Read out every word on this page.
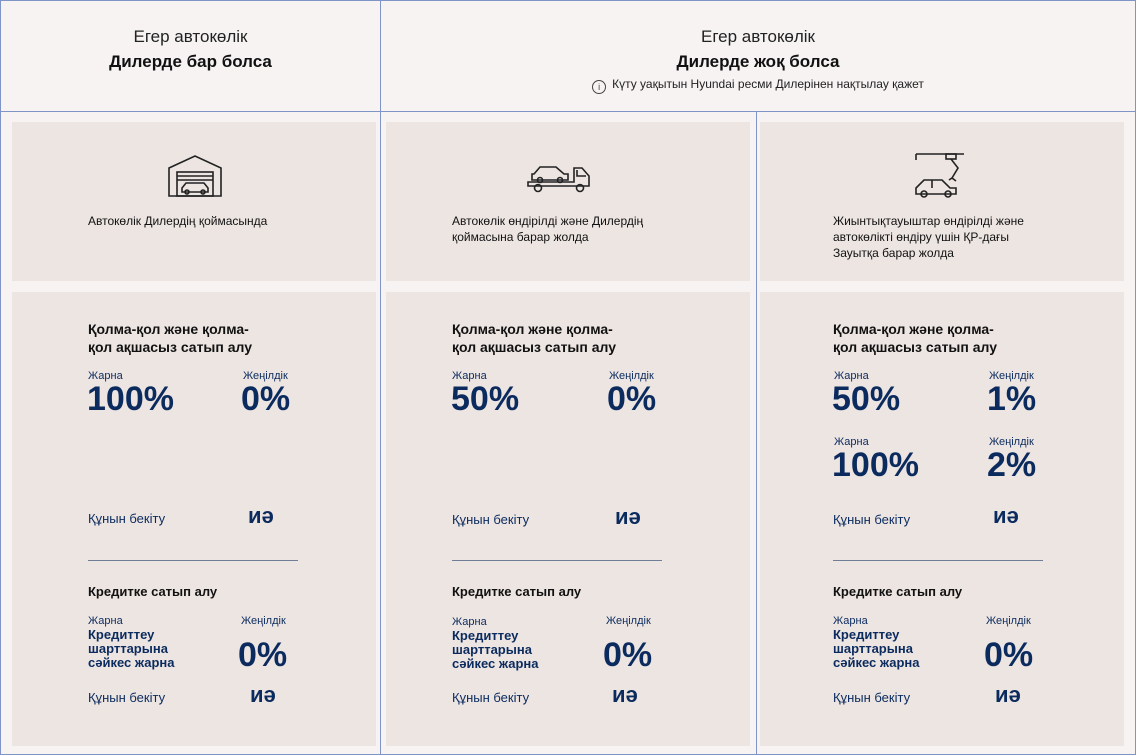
Егер автокөлік
Дилерде бар болса
Егер автокөлік
Дилерде жоқ болса
i Күту уақытын Hyundai ресми Дилерінен нақтылау қажет
Автокөлік Дилердің қоймасында
Қолма-қол және қолма-
қол ақшасыз сатып алу
Жарна
100%
Жеңілдік
0%
Құнын бекіту	иә
Кредитке сатып алу
Жарна
Кредиттеу
шарттарына
сәйкес жарна
Жеңілдік
0%
Құнын бекіту	иә
Автокөлік өндірілді және Дилердің
қоймасына барар жолда
Қолма-қол және қолма-
қол ақшасыз сатып алу
Жарна
50%
Жеңілдік
0%
Құнын бекіту	иә
Кредитке сатып алу
Жарна
Кредиттеу
шарттарына
сәйкес жарна
Жеңілдік
0%
Құнын бекіту	иә
Жиынтықтауыштар өндірілді және
автокөлікті өндіру үшін ҚР-дағы
Зауытқа барар жолда
Қолма-қол және қолма-
қол ақшасыз сатып алу
Жарна
50%
Жеңілдік
1%
Жарна
100%
Жеңілдік
2%
Құнын бекіту	иә
Кредитке сатып алу
Жарна
Кредиттеу
шарттарына
сәйкес жарна
Жеңілдік
0%
Құнын бекіту	иә
